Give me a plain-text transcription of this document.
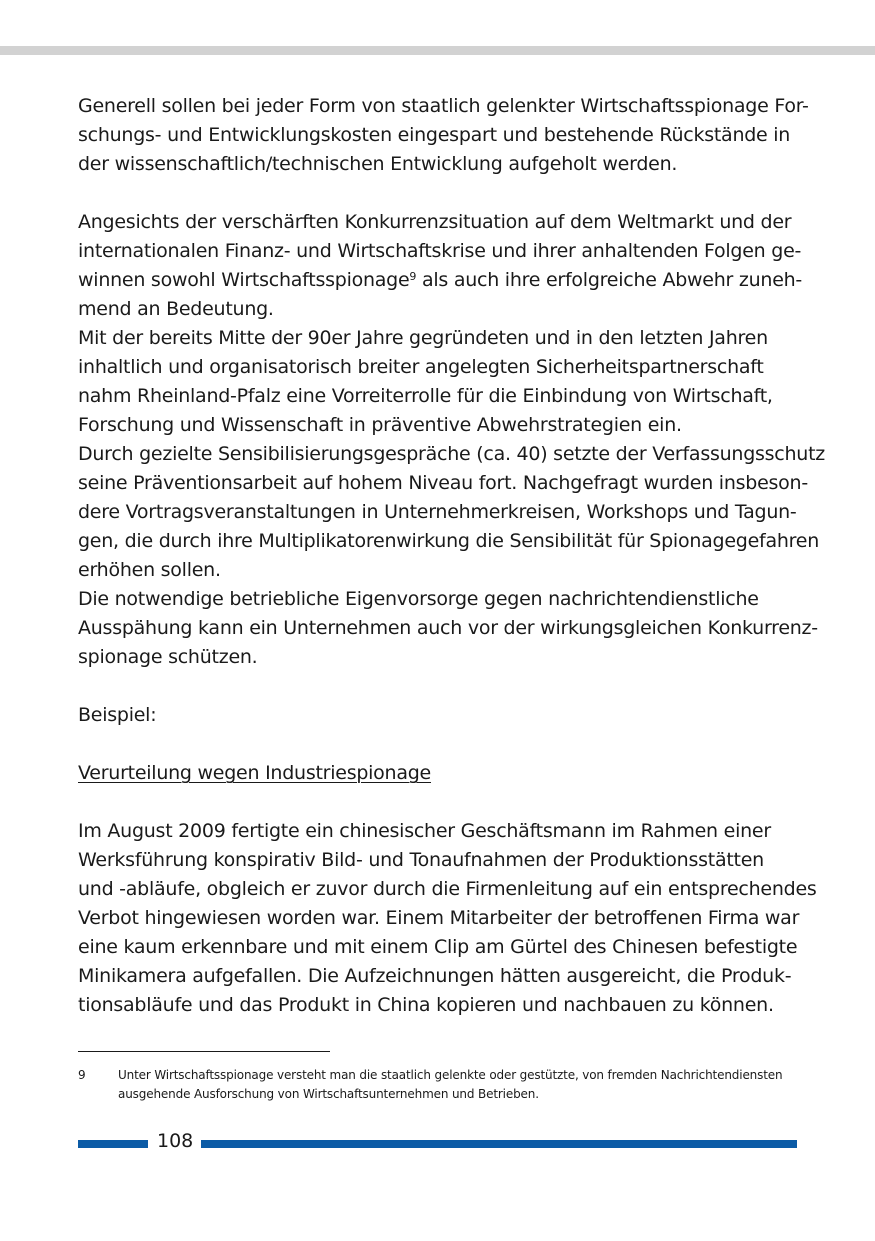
Generell sollen bei jeder Form von staatlich gelenkter Wirtschaftsspionage For-
schungs- und Entwicklungskosten eingespart und bestehende Rückstände in
der wissenschaftlich/technischen Entwicklung aufgeholt werden.
Angesichts der verschärften Konkurrenzsituation auf dem Weltmarkt und der
internationalen Finanz- und Wirtschaftskrise und ihrer anhaltenden Folgen ge-
winnen sowohl Wirtschaftsspionage$^9$ als auch ihre erfolgreiche Abwehr zuneh-
mend an Bedeutung.
Mit der bereits Mitte der 90er Jahre gegründeten und in den letzten Jahren
inhaltlich und organisatorisch breiter angelegten Sicherheitspartnerschaft
nahm Rheinland-Pfalz eine Vorreiterrolle für die Einbindung von Wirtschaft,
Forschung und Wissenschaft in präventive Abwehrstrategien ein.
Durch gezielte Sensibilisierungsgespräche (ca. 40) setzte der Verfassungsschutz
seine Präventionsarbeit auf hohem Niveau fort. Nachgefragt wurden insbeson-
dere Vortragsveranstaltungen in Unternehmerkreisen, Workshops und Tagun-
gen, die durch ihre Multiplikatorenwirkung die Sensibilität für Spionagegefahren
erhöhen sollen.
Die notwendige betriebliche Eigenvorsorge gegen nachrichtendienstliche
Ausspähung kann ein Unternehmen auch vor der wirkungsgleichen Konkurrenz-
spionage schützen.
Beispiel:
Verurteilung wegen Industriespionage
Im August 2009 fertigte ein chinesischer Geschäftsmann im Rahmen einer
Werksführung konspirativ Bild- und Tonaufnahmen der Produktionsstätten
und -abläufe, obgleich er zuvor durch die Firmenleitung auf ein entsprechendes
Verbot hingewiesen worden war. Einem Mitarbeiter der betroffenen Firma war
eine kaum erkennbare und mit einem Clip am Gürtel des Chinesen befestigte
Minikamera aufgefallen. Die Aufzeichnungen hätten ausgereicht, die Produk-
tionsabläufe und das Produkt in China kopieren und nachbauen zu können.
9	Unter Wirtschaftsspionage versteht man die staatlich gelenkte oder gestützte, von fremden Nachrichtendiensten
ausgehende Ausforschung von Wirtschaftsunternehmen und Betrieben.
108
